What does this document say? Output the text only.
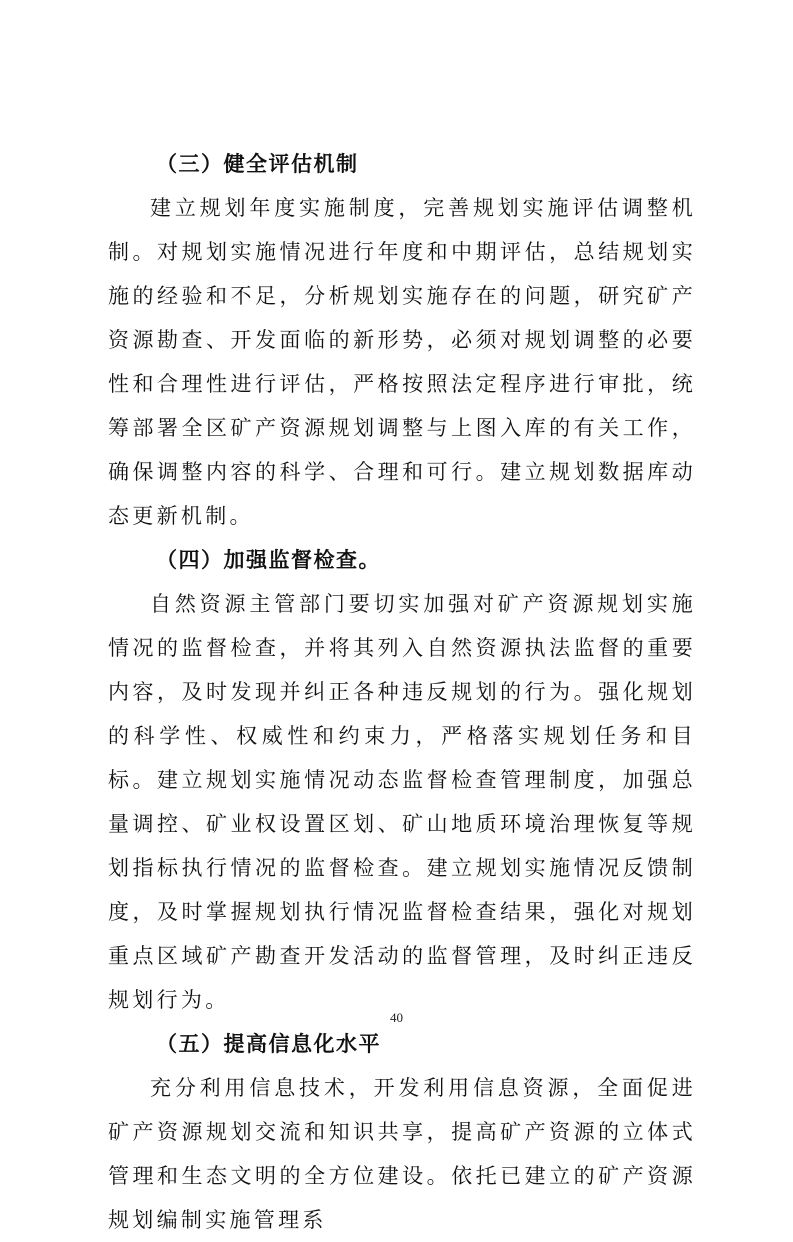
（三）健全评估机制

建立规划年度实施制度，完善规划实施评估调整机制。对规划实施情况进行年度和中期评估，总结规划实施的经验和不足，分析规划实施存在的问题，研究矿产资源勘查、开发面临的新形势，必须对规划调整的必要性和合理性进行评估，严格按照法定程序进行审批，统筹部署全区矿产资源规划调整与上图入库的有关工作，确保调整内容的科学、合理和可行。建立规划数据库动态更新机制。

（四）加强监督检查。

自然资源主管部门要切实加强对矿产资源规划实施情况的监督检查，并将其列入自然资源执法监督的重要内容，及时发现并纠正各种违反规划的行为。强化规划的科学性、权威性和约束力，严格落实规划任务和目标。建立规划实施情况动态监督检查管理制度，加强总量调控、矿业权设置区划、矿山地质环境治理恢复等规划指标执行情况的监督检查。建立规划实施情况反馈制度，及时掌握规划执行情况监督检查结果，强化对规划重点区域矿产勘查开发活动的监督管理，及时纠正违反规划行为。

（五）提高信息化水平

充分利用信息技术，开发利用信息资源，全面促进矿产资源规划交流和知识共享，提高矿产资源的立体式管理和生态文明的全方位建设。依托已建立的矿产资源规划编制实施管理系

40
